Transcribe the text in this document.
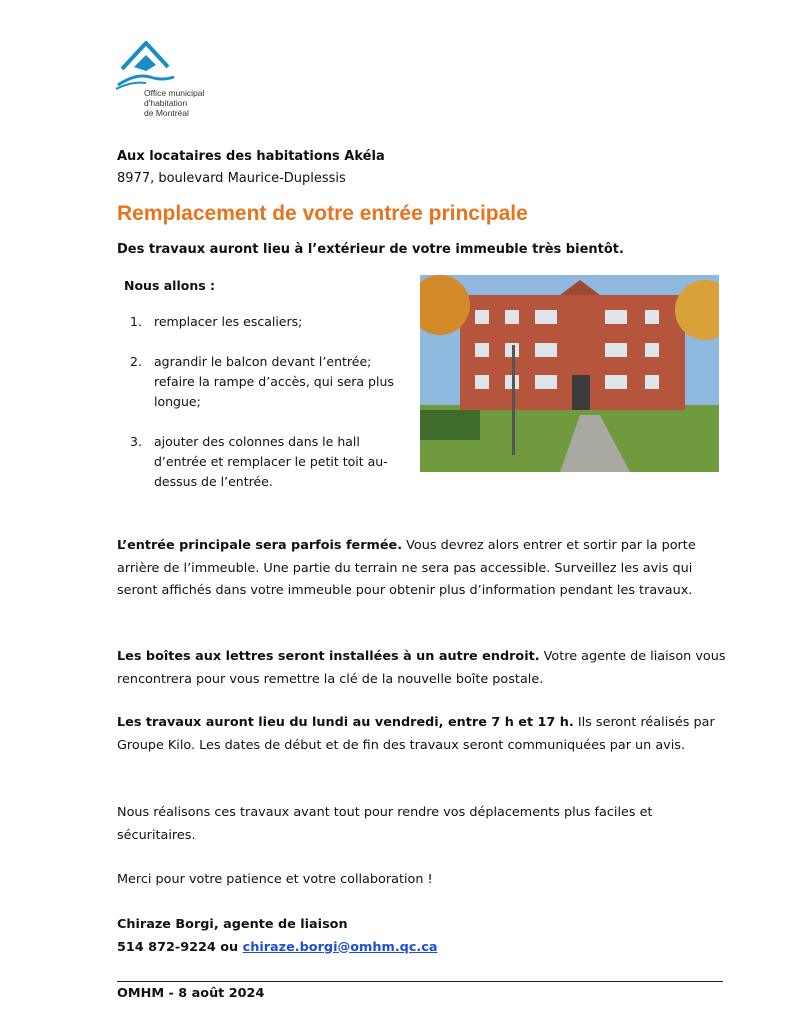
Office municipal
d'habitation
de Montréal
Aux locataires des habitations Akéla
8977, boulevard Maurice-Duplessis
Remplacement de votre entrée principale
Des travaux auront lieu à l’extérieur de votre immeuble très bientôt.
Nous allons :
1. remplacer les escaliers;
2. agrandir le balcon devant l’entrée; refaire la rampe d’accès, qui sera plus longue;
3. ajouter des colonnes dans le hall d’entrée et remplacer le petit toit au-dessus de l’entrée.
L’entrée principale sera parfois fermée. Vous devrez alors entrer et sortir par la porte arrière de l’immeuble. Une partie du terrain ne sera pas accessible. Surveillez les avis qui seront affichés dans votre immeuble pour obtenir plus d’information pendant les travaux.
Les boîtes aux lettres seront installées à un autre endroit. Votre agente de liaison vous rencontrera pour vous remettre la clé de la nouvelle boîte postale.
Les travaux auront lieu du lundi au vendredi, entre 7 h et 17 h. Ils seront réalisés par Groupe Kilo. Les dates de début et de fin des travaux seront communiquées par un avis.
Nous réalisons ces travaux avant tout pour rendre vos déplacements plus faciles et sécuritaires.
Merci pour votre patience et votre collaboration !
Chiraze Borgi, agente de liaison
514 872-9224 ou chiraze.borgi@omhm.qc.ca
OMHM - 8 août 2024
